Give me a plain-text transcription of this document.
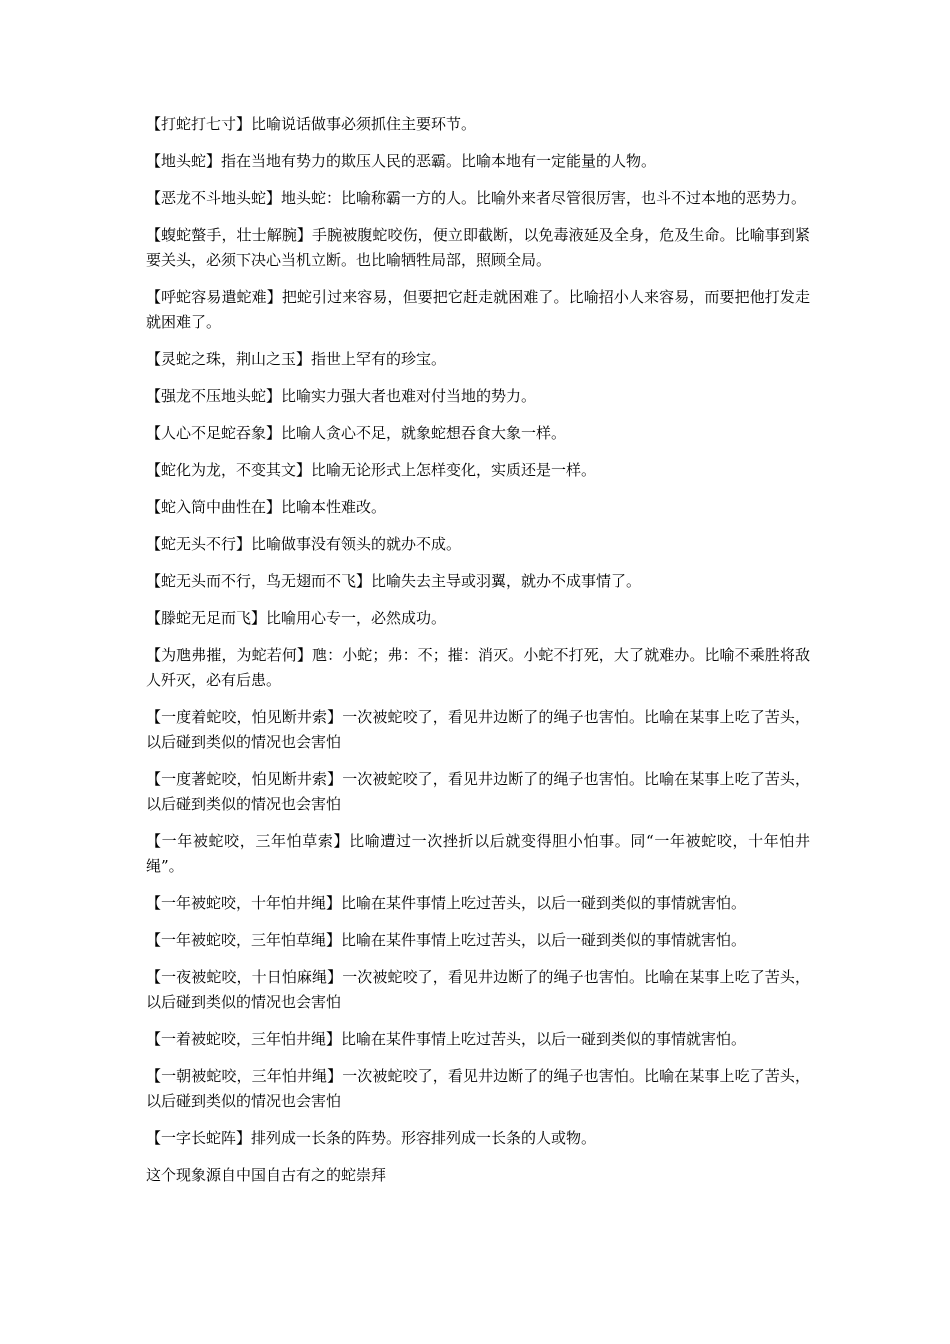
【打蛇打七寸】比喻说话做事必须抓住主要环节。

【地头蛇】指在当地有势力的欺压人民的恶霸。比喻本地有一定能量的人物。

【恶龙不斗地头蛇】地头蛇：比喻称霸一方的人。比喻外来者尽管很厉害，也斗不过本地的恶势力。

【蝮蛇螫手，壮士解腕】手腕被腹蛇咬伤，便立即截断，以免毒液延及全身，危及生命。比喻事到紧要关头，必须下决心当机立断。也比喻牺牲局部，照顾全局。

【呼蛇容易遣蛇难】把蛇引过来容易，但要把它赶走就困难了。比喻招小人来容易，而要把他打发走就困难了。

【灵蛇之珠，荆山之玉】指世上罕有的珍宝。

【强龙不压地头蛇】比喻实力强大者也难对付当地的势力。

【人心不足蛇吞象】比喻人贪心不足，就象蛇想吞食大象一样。

【蛇化为龙，不变其文】比喻无论形式上怎样变化，实质还是一样。

【蛇入筒中曲性在】比喻本性难改。

【蛇无头不行】比喻做事没有领头的就办不成。

【蛇无头而不行，鸟无翅而不飞】比喻失去主导或羽翼，就办不成事情了。

【滕蛇无足而飞】比喻用心专一，必然成功。

【为虺弗摧，为蛇若何】虺：小蛇；弗：不；摧：消灭。小蛇不打死，大了就难办。比喻不乘胜将敌人歼灭，必有后患。

【一度着蛇咬，怕见断井索】一次被蛇咬了，看见井边断了的绳子也害怕。比喻在某事上吃了苦头，以后碰到类似的情况也会害怕

【一度著蛇咬，怕见断井索】一次被蛇咬了，看见井边断了的绳子也害怕。比喻在某事上吃了苦头，以后碰到类似的情况也会害怕

【一年被蛇咬，三年怕草索】比喻遭过一次挫折以后就变得胆小怕事。同“一年被蛇咬，十年怕井绳”。

【一年被蛇咬，十年怕井绳】比喻在某件事情上吃过苦头，以后一碰到类似的事情就害怕。

【一年被蛇咬，三年怕草绳】比喻在某件事情上吃过苦头，以后一碰到类似的事情就害怕。

【一夜被蛇咬，十日怕麻绳】一次被蛇咬了，看见井边断了的绳子也害怕。比喻在某事上吃了苦头，以后碰到类似的情况也会害怕

【一着被蛇咬，三年怕井绳】比喻在某件事情上吃过苦头，以后一碰到类似的事情就害怕。

【一朝被蛇咬，三年怕井绳】一次被蛇咬了，看见井边断了的绳子也害怕。比喻在某事上吃了苦头，以后碰到类似的情况也会害怕

【一字长蛇阵】排列成一长条的阵势。形容排列成一长条的人或物。

这个现象源自中国自古有之的蛇崇拜
